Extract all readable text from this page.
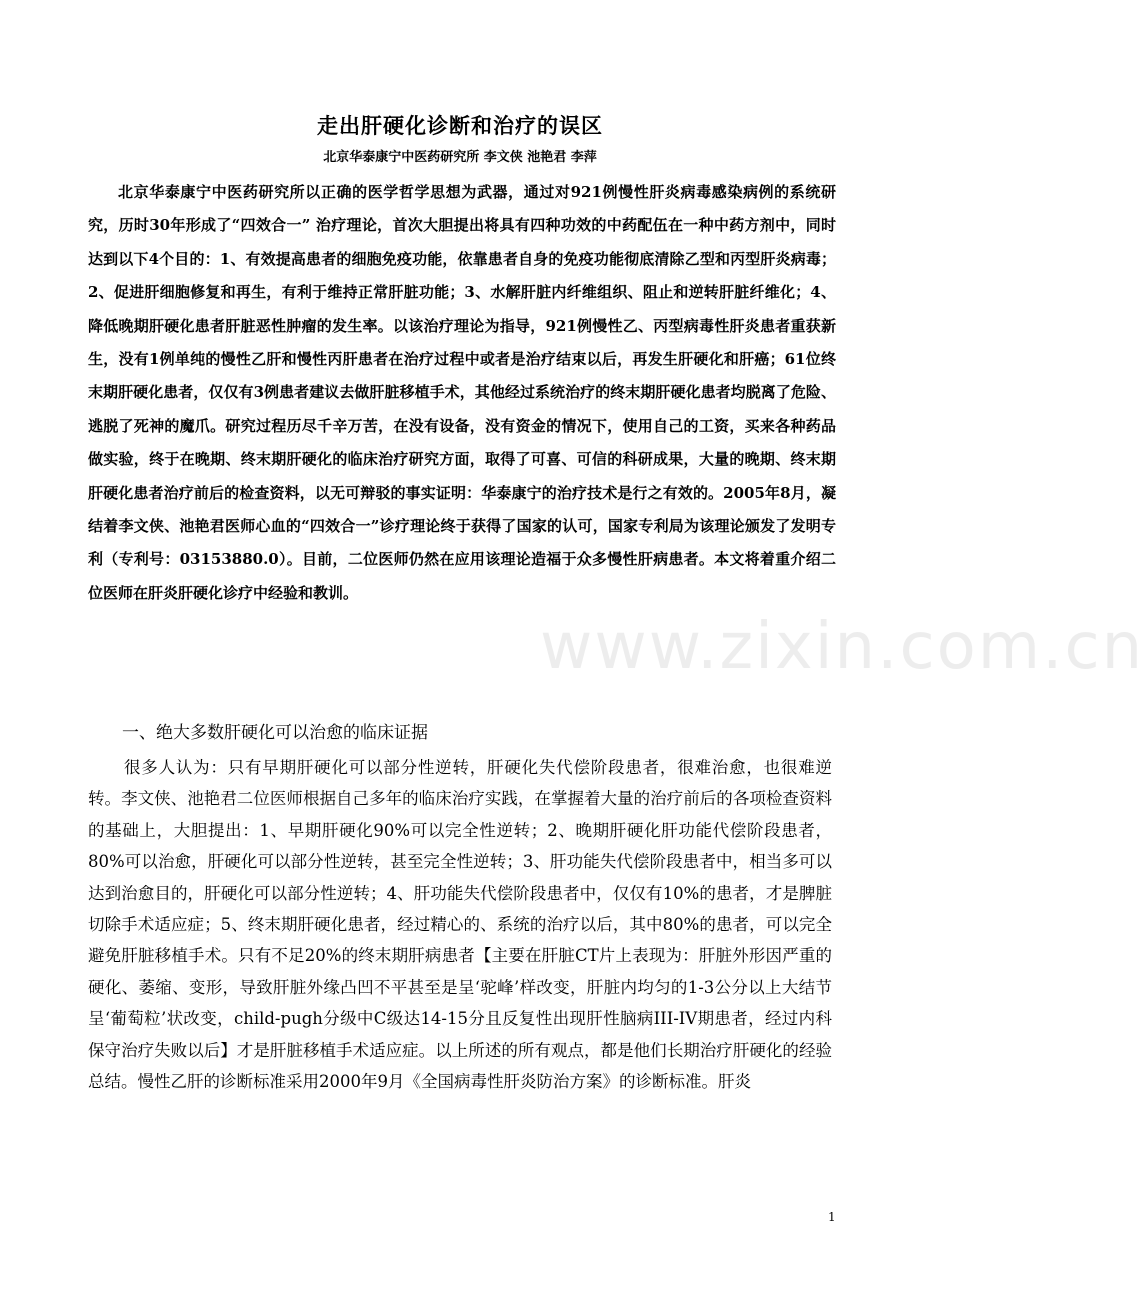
走出肝硬化诊断和治疗的误区
北京华泰康宁中医药研究所 李文侠 池艳君 李萍

北京华泰康宁中医药研究所以正确的医学哲学思想为武器，通过对921例慢性肝炎病毒感染病例的系统研究，历时30年形成了“四效合一” 治疗理论，首次大胆提出将具有四种功效的中药配伍在一种中药方剂中，同时达到以下4个目的：1、有效提高患者的细胞免疫功能，依靠患者自身的免疫功能彻底清除乙型和丙型肝炎病毒；2、促进肝细胞修复和再生，有利于维持正常肝脏功能；3、水解肝脏内纤维组织、阻止和逆转肝脏纤维化；4、降低晚期肝硬化患者肝脏恶性肿瘤的发生率。以该治疗理论为指导，921例慢性乙、丙型病毒性肝炎患者重获新生，没有1例单纯的慢性乙肝和慢性丙肝患者在治疗过程中或者是治疗结束以后，再发生肝硬化和肝癌；61位终末期肝硬化患者，仅仅有3例患者建议去做肝脏移植手术，其他经过系统治疗的终末期肝硬化患者均脱离了危险、逃脱了死神的魔爪。研究过程历尽千辛万苦，在没有设备，没有资金的情况下，使用自己的工资，买来各种药品做实验，终于在晚期、终末期肝硬化的临床治疗研究方面，取得了可喜、可信的科研成果，大量的晚期、终末期肝硬化患者治疗前后的检查资料，以无可辩驳的事实证明：华泰康宁的治疗技术是行之有效的。2005年8月，凝结着李文侠、池艳君医师心血的“四效合一”诊疗理论终于获得了国家的认可，国家专利局为该理论颁发了发明专利（专利号：03153880.0）。目前，二位医师仍然在应用该理论造福于众多慢性肝病患者。本文将着重介绍二位医师在肝炎肝硬化诊疗中经验和教训。

www.zixin.com.cn
一、绝大多数肝硬化可以治愈的临床证据

很多人认为：只有早期肝硬化可以部分性逆转，肝硬化失代偿阶段患者，很难治愈，也很难逆转。李文侠、池艳君二位医师根据自己多年的临床治疗实践，在掌握着大量的治疗前后的各项检查资料的基础上，大胆提出：1、早期肝硬化90%可以完全性逆转；2、晚期肝硬化肝功能代偿阶段患者，80%可以治愈，肝硬化可以部分性逆转，甚至完全性逆转；3、肝功能失代偿阶段患者中，相当多可以达到治愈目的，肝硬化可以部分性逆转；4、肝功能失代偿阶段患者中，仅仅有10%的患者，才是脾脏切除手术适应症；5、终末期肝硬化患者，经过精心的、系统的治疗以后，其中80%的患者，可以完全避免肝脏移植手术。只有不足20%的终末期肝病患者【主要在肝脏CT片上表现为：肝脏外形因严重的硬化、萎缩、变形，导致肝脏外缘凸凹不平甚至是呈‘驼峰’样改变，肝脏内均匀的1-3公分以上大结节呈‘葡萄粒’状改变，child-pugh分级中C级达14-15分且反复性出现肝性脑病III-IV期患者，经过内科保守治疗失败以后】才是肝脏移植手术适应症。以上所述的所有观点，都是他们长期治疗肝硬化的经验总结。慢性乙肝的诊断标准采用2000年9月《全国病毒性肝炎防治方案》的诊断标准。肝炎

1
